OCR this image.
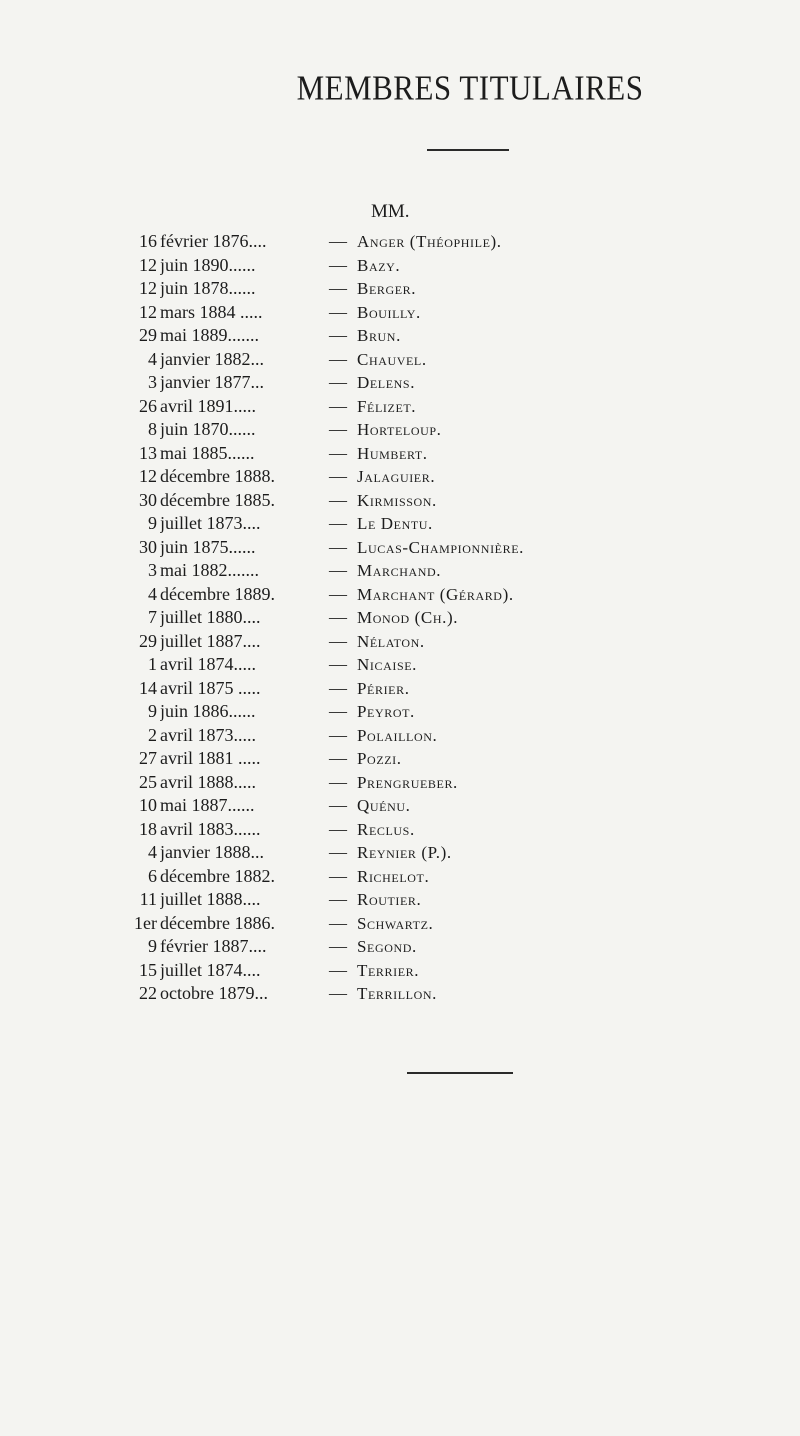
MEMBRES TITULAIRES
MM.
16 février 1876....	— Anger (Théophile).
12 juin 1890......	— Bazy.
12 juin 1878......	— Berger.
12 mars 1884 .....	— Bouilly.
29 mai 1889.......	— Brun.
4 janvier 1882...	— Chauvel.
3 janvier 1877...	— Delens.
26 avril 1891.....	— Félizet.
8 juin 1870......	— Horteloup.
13 mai 1885......	— Humbert.
12 décembre 1888.	— Jalaguier.
30 décembre 1885.	— Kirmisson.
9 juillet 1873....	— Le Dentu.
30 juin 1875......	— Lucas-Championnière.
3 mai 1882.......	— Marchand.
4 décembre 1889.	— Marchant (Gérard).
7 juillet 1880....	— Monod (Ch.).
29 juillet 1887....	— Nélaton.
1 avril 1874.....	— Nicaise.
14 avril 1875 .....	— Périer.
9 juin 1886......	— Peyrot.
2 avril 1873.....	— Polaillon.
27 avril 1881 .....	— Pozzi.
25 avril 1888.....	— Prengrueber.
10 mai 1887......	— Quénu.
18 avril 1883......	— Reclus.
4 janvier 1888...	— Reynier (P.).
6 décembre 1882.	— Richelot.
11 juillet 1888....	— Routier.
1er décembre 1886.	— Schwartz.
9 février 1887....	— Segond.
15 juillet 1874....	— Terrier.
22 octobre 1879...	— Terrillon.
